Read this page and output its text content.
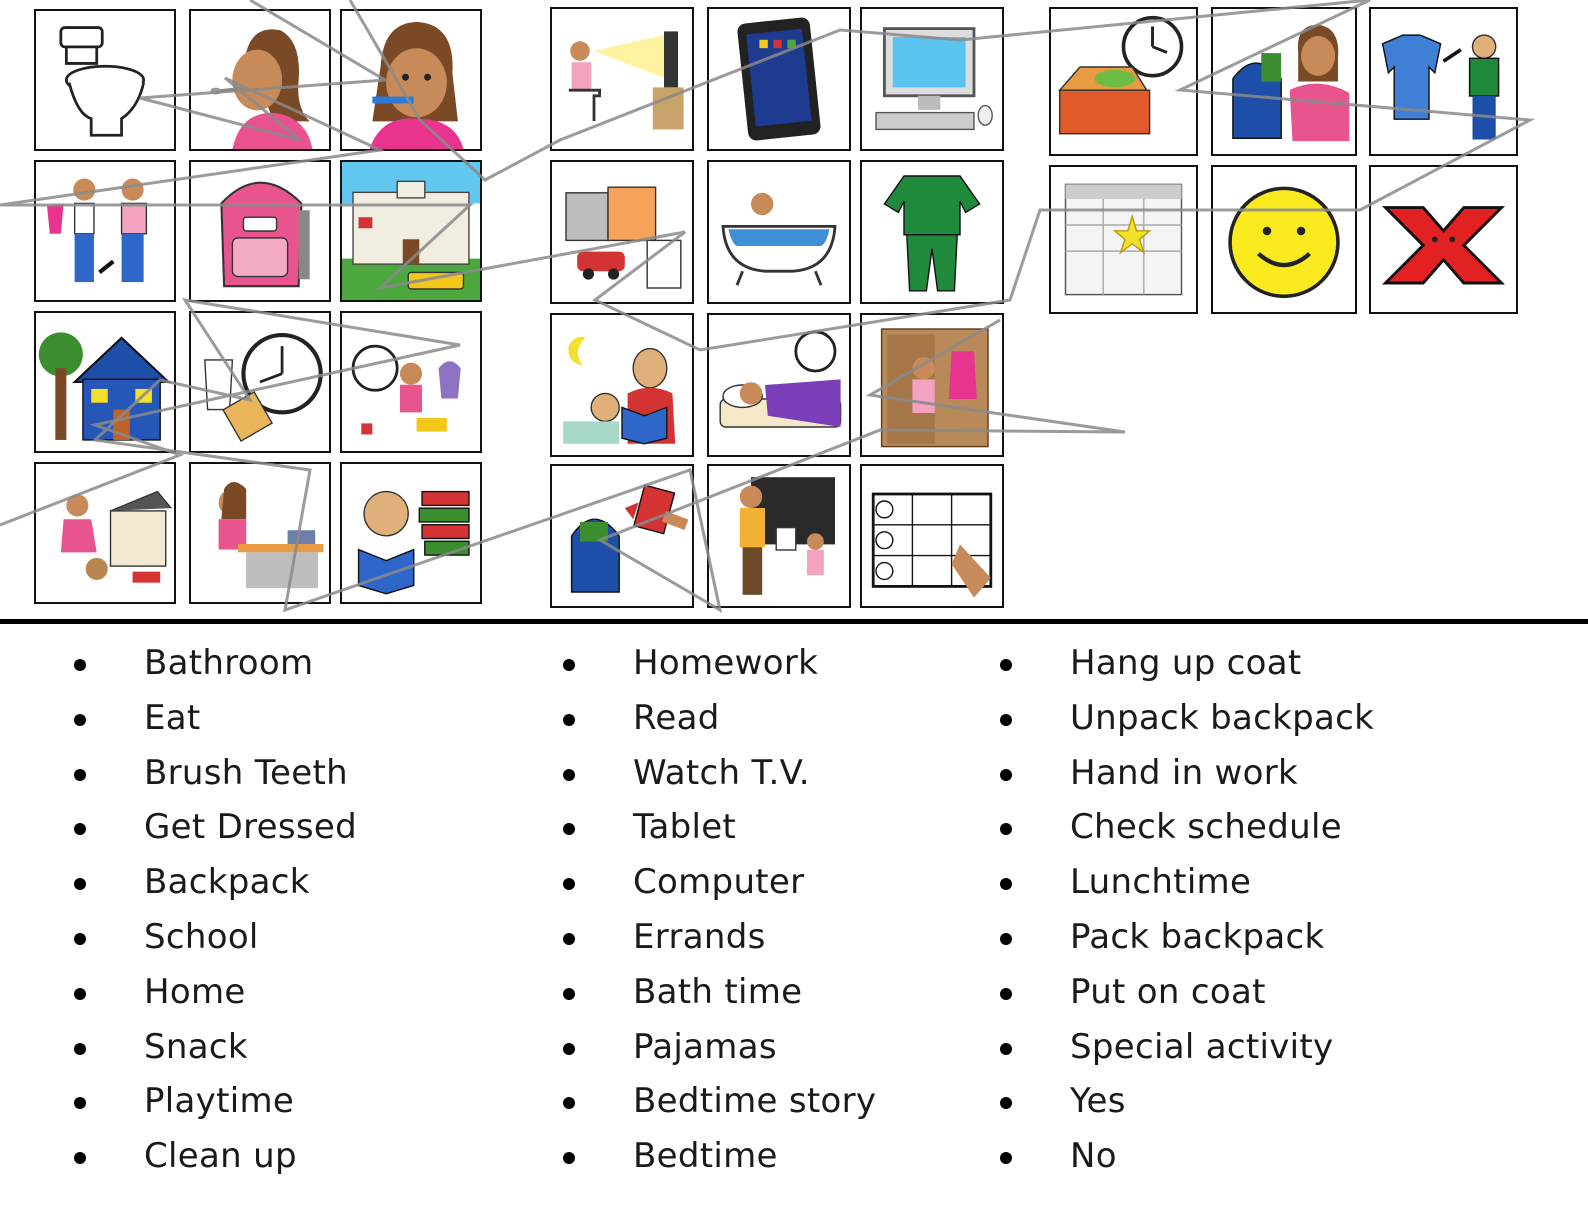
Bathroom
Eat
Brush Teeth
Get Dressed
Backpack
School
Home
Snack
Playtime
Clean up
Homework
Read
Watch T.V.
Tablet
Computer
Errands
Bath time
Pajamas
Bedtime story
Bedtime
Hang up coat
Unpack backpack
Hand in work
Check schedule
Lunchtime
Pack backpack
Put on coat
Special activity
Yes
No
